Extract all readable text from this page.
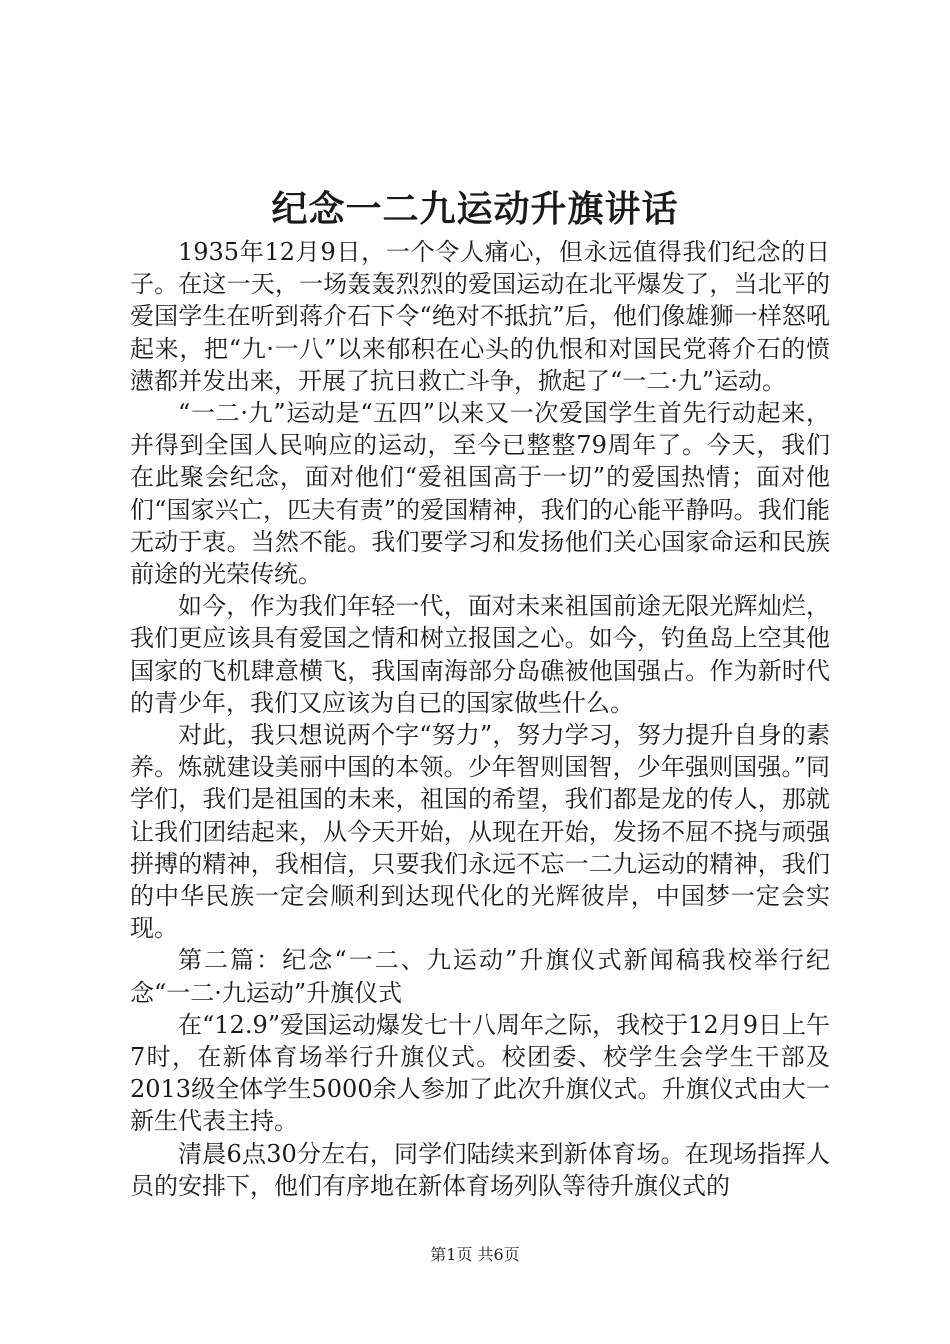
纪念一二九运动升旗讲话

1935年12月9日，一个令人痛心，但永远值得我们纪念的日子。在这一天，一场轰轰烈烈的爱国运动在北平爆发了，当北平的爱国学生在听到蒋介石下令“绝对不抵抗”后，他们像雄狮一样怒吼起来，把“九·一八”以来郁积在心头的仇恨和对国民党蒋介石的愤懑都并发出来，开展了抗日救亡斗争，掀起了“一二·九”运动。

“一二·九”运动是“五四”以来又一次爱国学生首先行动起来，并得到全国人民响应的运动，至今已整整79周年了。今天，我们在此聚会纪念，面对他们“爱祖国高于一切”的爱国热情；面对他们“国家兴亡，匹夫有责”的爱国精神，我们的心能平静吗。我们能无动于衷。当然不能。我们要学习和发扬他们关心国家命运和民族前途的光荣传统。

如今，作为我们年轻一代，面对未来祖国前途无限光辉灿烂，我们更应该具有爱国之情和树立报国之心。如今，钓鱼岛上空其他国家的飞机肆意横飞，我国南海部分岛礁被他国强占。作为新时代的青少年，我们又应该为自已的国家做些什么。

对此，我只想说两个字“努力”，努力学习，努力提升自身的素养。炼就建设美丽中国的本领。少年智则国智，少年强则国强。”同学们，我们是祖国的未来，祖国的希望，我们都是龙的传人，那就让我们团结起来，从今天开始，从现在开始，发扬不屈不挠与顽强拼搏的精神，我相信，只要我们永远不忘一二九运动的精神，我们的中华民族一定会顺利到达现代化的光辉彼岸，中国梦一定会实现。

第二篇：纪念“一二、九运动”升旗仪式新闻稿我校举行纪念“一二·九运动”升旗仪式

在“12.9”爱国运动爆发七十八周年之际，我校于12月9日上午7时，在新体育场举行升旗仪式。校团委、校学生会学生干部及2013级全体学生5000余人参加了此次升旗仪式。升旗仪式由大一新生代表主持。

清晨6点30分左右，同学们陆续来到新体育场。在现场指挥人员的安排下，他们有序地在新体育场列队等待升旗仪式的

第1页 共6页
